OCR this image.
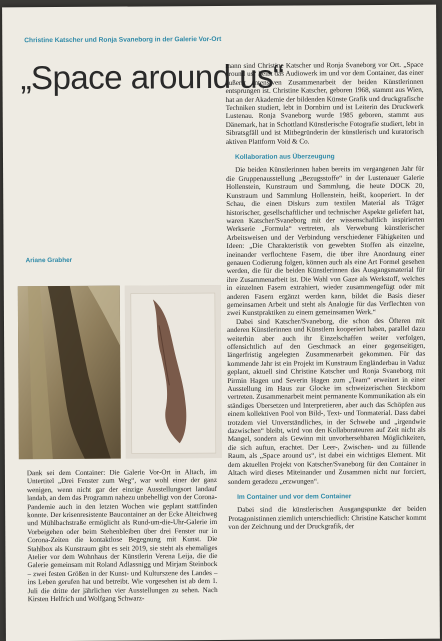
Christine Katscher und Ronja Svaneborg in der Galerie Vor-Ort
„Space around us“
Ariane Grabher

Dank sei dem Container: Die Galerie Vor-Ort in Altach, im Untertitel „Drei Fenster zum Weg“, war wohl einer der ganz wenigen, wenn nicht gar der einzige Ausstellungsort landauf landab, an dem das Programm nahezu unbehelligt von der Corona-Pandemie auch in den letzten Wochen wie geplant stattfinden konnte. Der krisenresistente Baucontainer an der Ecke Alteichweg und Mühlbachstraße ermöglicht als Rund-um-die-Uhr-Galerie im Vorbeigehen oder beim Stehenbleiben über drei Fenster nur in Corona-Zeiten die kontaktlose Begegnung mit Kunst. Die Stahlbox als Kunstraum gibt es seit 2019, sie steht als ehemaliges Atelier vor dem Wohnhaus der Künstlerin Verena Leija, die die Galerie gemeinsam mit Roland Adlassnigg und Mirjam Steinbock – zwei festen Größen in der Kunst- und Kulturszene des Landes – ins Leben gerufen hat und betreibt. Wie vorgesehen ist ab dem 1. Juli die dritte der jährlichen vier Ausstellungen zu sehen. Nach Kirsten Helfrich und Wolfgang Schwarz-

mann sind Christine Katscher und Ronja Svaneborg vor Ort. „Space around us“ heißt das Audiowerk im und vor dem Container, das einer äußerst intensiven Zusammenarbeit der beiden Künstlerinnen entsprungen ist. Christine Katscher, geboren 1968, stammt aus Wien, hat an der Akademie der bildenden Künste Grafik und druckgrafische Techniken studiert, lebt in Dornbirn und ist Leiterin des Druckwerk Lustenau. Ronja Svaneborg wurde 1985 geboren, stammt aus Dänemark, hat in Schottland Künstlerische Fotografie studiert, lebt in Sibratsgfäll und ist Mitbegründerin der künstlerisch und kuratorisch aktiven Plattform Void & Co.

Kollaboration aus Überzeugung

Die beiden Künstlerinnen haben bereits im vergangenen Jahr für die Gruppenausstellung „Bezugsstoffe“ in der Lustenauer Galerie Hollenstein, Kunstraum und Sammlung, die heute DOCK 20, Kunstraum und Sammlung Hollenstein, heißt, kooperiert. In der Schau, die einen Diskurs zum textilen Material als Träger historischer, gesellschaftlicher und technischer Aspekte geliefert hat, waren Katscher/Svaneborg mit der wissenschaftlich inspirierten Werkserie „Formula“ vertreten, als Verwebung künstlerischer Arbeitsweisen und der Verbindung verschiedener Fähigkeiten und Ideen: „Die Charakteristik von gewebten Stoffen als einzelne, ineinander verflochtene Fasern, die über ihre Anordnung einer genauen Codierung folgen, können auch als eine Art Formel gesehen werden, die für die beiden Künstlerinnen das Ausgangsmaterial für ihre Zusammenarbeit ist. Die Wahl von Gaze als Werkstoff, welches in einzelnen Fasern extrahiert, wieder zusammengefügt oder mit anderen Fasern ergänzt werden kann, bildet die Basis dieser gemeinsamen Arbeit und steht als Analogie für das Verflechten von zwei Kunstpraktiken zu einem gemeinsamen Werk.“

Dabei sind Katscher/Svaneborg, die schon des Öfteren mit anderen Künstlerinnen und Künstlern kooperiert haben, parallel dazu weiterhin aber auch ihr Einzelschaffen weiter verfolgen, offensichtlich auf den Geschmack an einer gegenseitigen, längerfristig angelegten Zusammenarbeit gekommen. Für das kommende Jahr ist ein Projekt im Kunstraum Engländerbau in Vaduz geplant, aktuell sind Christine Katscher und Ronja Svaneborg mit Pirmin Hagen und Severin Hagen zum „Team“ erweitert in einer Ausstellung im Haus zur Glocke im schweizerischen Steckborn vertreten. Zusammenarbeit meint permanente Kommunikation als ein ständiges Übersetzen und Interpretieren, aber auch das Schöpfen aus einem kollektiven Pool von Bild-, Text- und Tonmaterial. Dass dabei trotzdem viel Unverständliches, in der Schwebe und „irgendwie dazwischen“ bleibt, wird von den Kollaborateuren auf Zeit nicht als Mangel, sondern als Gewinn mit unvorhersehbaren Möglichkeiten, die sich auftun, erachtet. Der Leer-, Zwischen- und zu füllende Raum, als „Space around us“, ist dabei ein wichtiges Element. Mit dem aktuellen Projekt von Katscher/Svaneborg für den Container in Altach wird dieses Miteinander und Zusammen nicht nur forciert, sondern geradezu „erzwungen“.

Im Container und vor dem Container

Dabei sind die künstlerischen Ausgangspunkte der beiden Protagonistinnen ziemlich unterschiedlich: Christine Katscher kommt von der Zeichnung und der Druckgrafik, der
